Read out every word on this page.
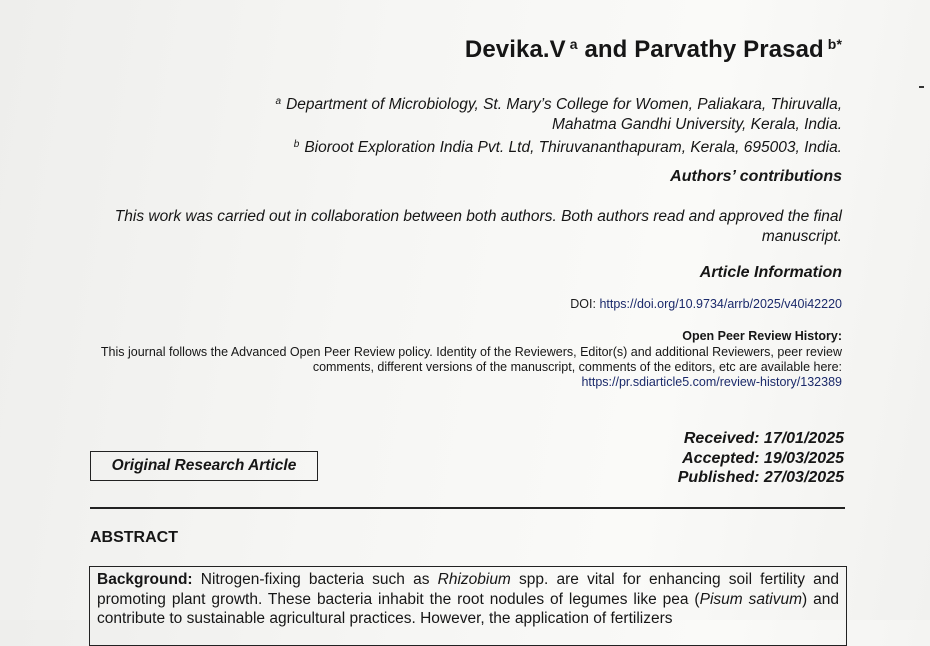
Devika.V $^a$ and Parvathy Prasad $^{b*}$
$^a$ Department of Microbiology, St. Mary’s College for Women, Paliakara, Thiruvalla,
Mahatma Gandhi University, Kerala, India.
$^b$ Bioroot Exploration India Pvt. Ltd, Thiruvananthapuram, Kerala, 695003, India.
Authors’ contributions
This work was carried out in collaboration between both authors. Both authors read and approved the final manuscript.
Article Information
DOI: https://doi.org/10.9734/arrb/2025/v40i42220
Open Peer Review History:
This journal follows the Advanced Open Peer Review policy. Identity of the Reviewers, Editor(s) and additional Reviewers, peer review comments, different versions of the manuscript, comments of the editors, etc are available here:
https://pr.sdiarticle5.com/review-history/132389
Received: 17/01/2025
Accepted: 19/03/2025
Published: 27/03/2025
Original Research Article
ABSTRACT
Background: Nitrogen-fixing bacteria such as Rhizobium spp. are vital for enhancing soil fertility and promoting plant growth. These bacteria inhabit the root nodules of legumes like pea (Pisum sativum) and contribute to sustainable agricultural practices. However, the application of fertilizers
